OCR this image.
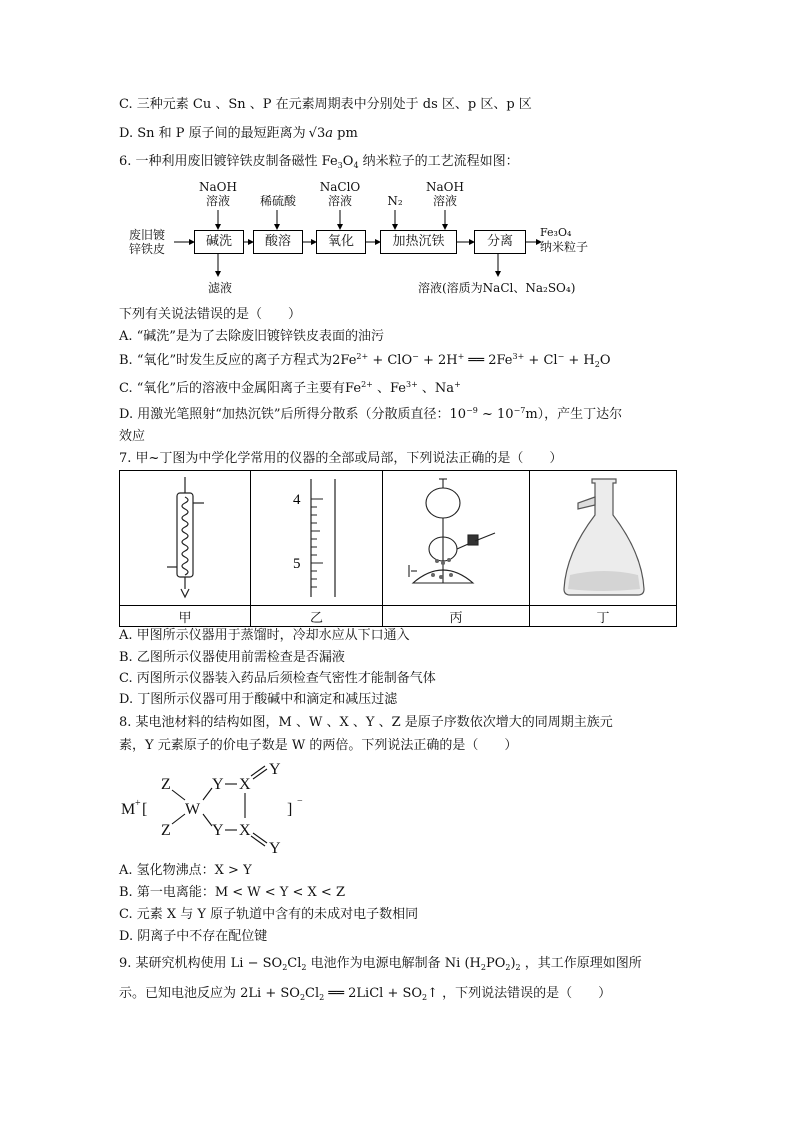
C. 三种元素 Cu 、Sn 、P 在元素周期表中分别处于 ds 区、p 区、p 区
D. Sn 和 P 原子间的最短距离为 √3a pm
6. 一种利用废旧镀锌铁皮制备磁性 $Fe_3O_4$ 纳米粒子的工艺流程如图：
废旧镀
锌铁皮	碱洗	酸溶	氧化	加热沉铁	分离
NaOH
溶液	稀硫酸
NaClO
溶液	N₂
NaOH
溶液
Fe₃O₄
纳米粒子
滤液	溶液(溶质为NaCl、Na₂SO₄)
下列有关说法错误的是（　　）
A. “碱洗”是为了去除废旧镀锌铁皮表面的油污
B. “氧化”时发生反应的离子方程式为$2Fe^{2+} + ClO^- + 2H^+$ ══ $2Fe^{3+} + Cl^- + H_2O$
C. “氧化”后的溶液中金属阳离子主要有$Fe^{2+}$ 、$Fe^{3+}$ 、Na+
D. 用激光笔照射“加热沉铁”后所得分散系（分散质直径：$10^{-9}$ ~ $10^{-7}m$），产生丁达尔
效应
7. 甲~丁图为中学化学常用的仪器的全部或局部，下列说法正确的是（　　）

4
5

甲	乙	丙	丁
A. 甲图所示仪器用于蒸馏时，冷却水应从下口通入
B. 乙图所示仪器使用前需检查是否漏液
C. 丙图所示仪器装入药品后须检查气密性才能制备气体
D. 丁图所示仪器可用于酸碱中和滴定和减压过滤
8. 某电池材料的结构如图，M 、W 、X 、Y 、Z 是原子序数依次增大的同周期主族元
素，Y 元素原子的价电子数是 W 的两倍。下列说法正确的是（　　）
M + [
Z
Z
W
Y
Y
X
X
Y
Y
] −
A. 氢化物沸点：X > Y
B. 第一电离能：M < W < Y < X < Z
C. 元素 X 与 Y 原子轨道中含有的未成对电子数相同
D. 阴离子中不存在配位键
9. 某研究机构使用 $Li - SO_2Cl_2$ 电池作为电源电解制备 Ni $(H_2PO_2)_2$ ，其工作原理如图所
示。已知电池反应为 $2Li + SO_2Cl_2$ ══ 2LiCl + $SO_2↑$ ，下列说法错误的是（　　）
